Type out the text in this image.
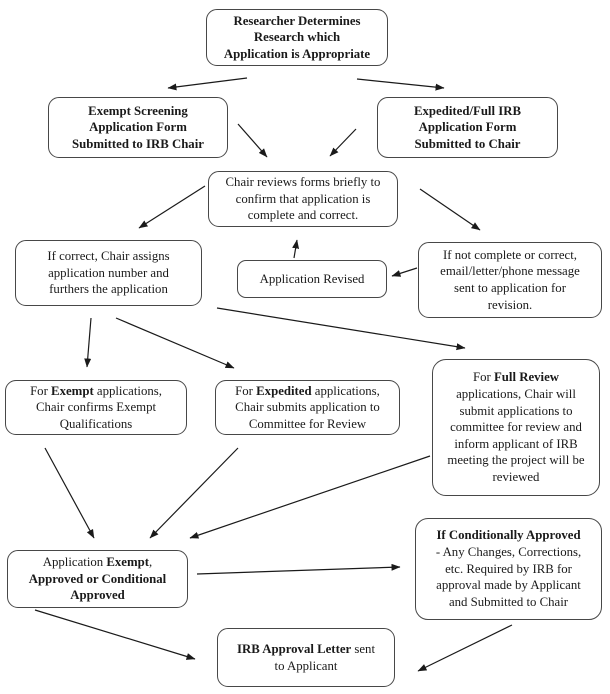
Researcher Determines
Research which
Application is Appropriate
Exempt Screening
Application Form
Submitted to IRB Chair
Expedited/Full IRB
Application Form
Submitted to Chair
Chair reviews forms briefly to
confirm that application is
complete and correct.
If correct, Chair assigns
application number and
furthers the application
Application Revised
If not complete or correct,
email/letter/phone message
sent to application for
revision.
For Exempt applications,
Chair confirms Exempt
Qualifications
For Expedited applications,
Chair submits application to
Committee for Review
For Full Review
applications, Chair will
submit applications to
committee for review and
inform applicant of IRB
meeting the project will be
reviewed
Application Exempt,
Approved or Conditional
Approved
If Conditionally Approved
- Any Changes, Corrections,
etc. Required by IRB for
approval made by Applicant
and Submitted to Chair
IRB Approval Letter sent
to Applicant
